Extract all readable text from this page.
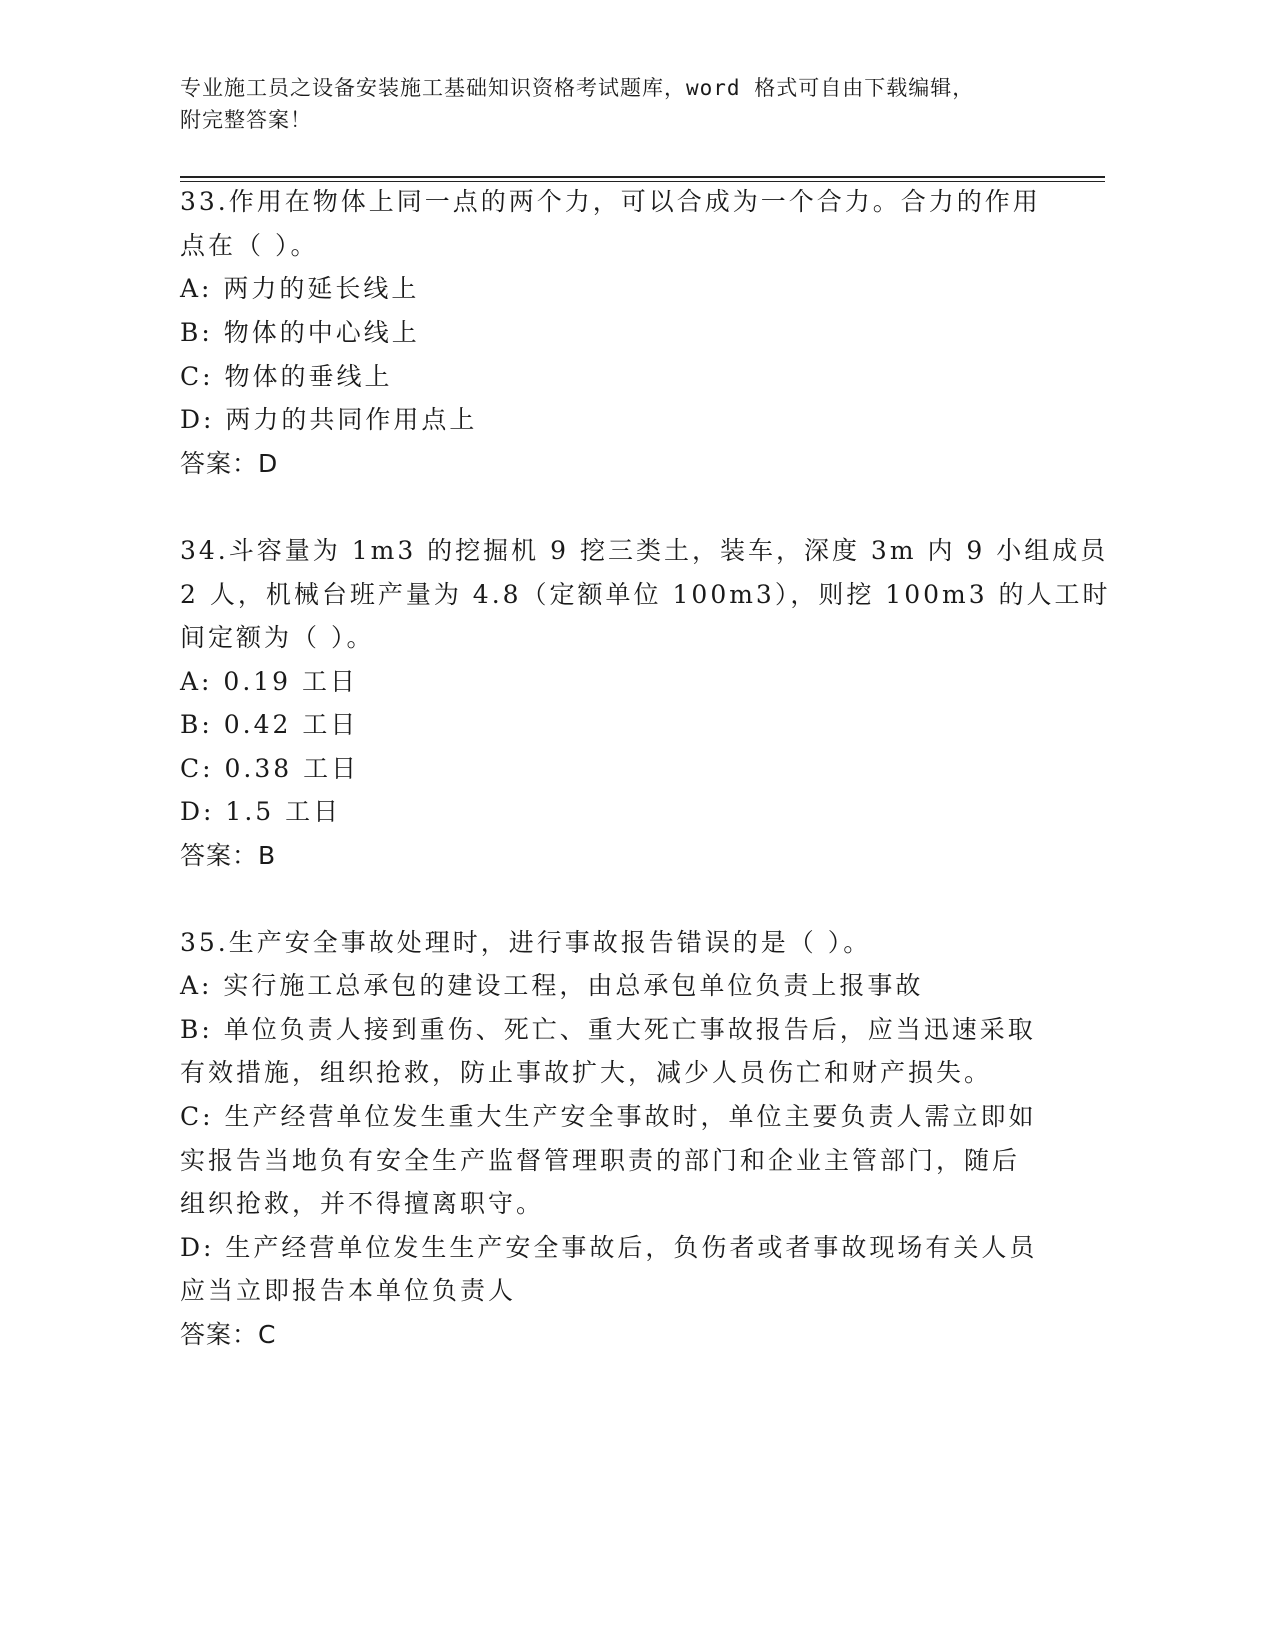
专业施工员之设备安装施工基础知识资格考试题库，word 格式可自由下载编辑，
附完整答案！
33.作用在物体上同一点的两个力，可以合成为一个合力。合力的作用
点在（ ）。
A: 两力的延长线上
B: 物体的中心线上
C: 物体的垂线上
D: 两力的共同作用点上
答案：D
34.斗容量为 1m3 的挖掘机 9 挖三类土，装车，深度 3m 内 9 小组成员
2 人，机械台班产量为 4.8（定额单位 100m3），则挖 100m3 的人工时
间定额为（ ）。
A: 0.19 工日
B: 0.42 工日
C: 0.38 工日
D: 1.5 工日
答案：B
35.生产安全事故处理时，进行事故报告错误的是（ ）。
A: 实行施工总承包的建设工程，由总承包单位负责上报事故
B: 单位负责人接到重伤、死亡、重大死亡事故报告后，应当迅速采取
有效措施，组织抢救，防止事故扩大，减少人员伤亡和财产损失。
C: 生产经营单位发生重大生产安全事故时，单位主要负责人需立即如
实报告当地负有安全生产监督管理职责的部门和企业主管部门，随后
组织抢救，并不得擅离职守。
D: 生产经营单位发生生产安全事故后，负伤者或者事故现场有关人员
应当立即报告本单位负责人
答案：C
